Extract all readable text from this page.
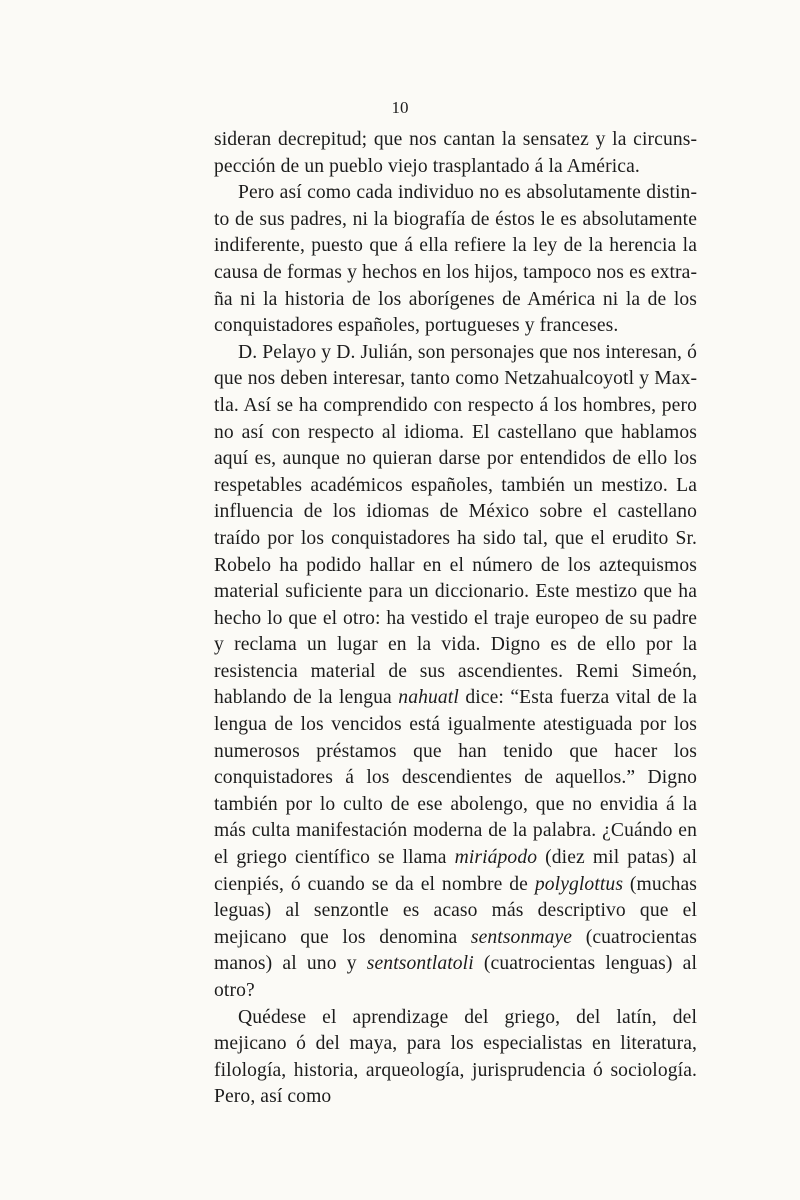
10

sideran decrepitud; que nos cantan la sensatez y la circunspección de un pueblo viejo trasplantado á la América.

Pero así como cada individuo no es absolutamente distinto de sus padres, ni la biografía de éstos le es absolutamente indiferente, puesto que á ella refiere la ley de la herencia la causa de formas y hechos en los hijos, tampoco nos es extraña ni la historia de los aborígenes de América ni la de los conquistadores españoles, portugueses y franceses.

D. Pelayo y D. Julián, son personajes que nos interesan, ó que nos deben interesar, tanto como Netzahualcoyotl y Maxtla. Así se ha comprendido con respecto á los hombres, pero no así con respecto al idioma. El castellano que hablamos aquí es, aunque no quieran darse por entendidos de ello los respetables académicos españoles, también un mestizo. La influencia de los idiomas de México sobre el castellano traído por los conquistadores ha sido tal, que el erudito Sr. Robelo ha podido hallar en el número de los aztequismos material suficiente para un diccionario. Este mestizo que ha hecho lo que el otro: ha vestido el traje europeo de su padre y reclama un lugar en la vida. Digno es de ello por la resistencia material de sus ascendientes. Remi Simeón, hablando de la lengua nahuatl dice: “Esta fuerza vital de la lengua de los vencidos está igualmente atestiguada por los numerosos préstamos que han tenido que hacer los conquistadores á los descendientes de aquellos.” Digno también por lo culto de ese abolengo, que no envidia á la más culta manifestación moderna de la palabra. ¿Cuándo en el griego científico se llama miriápodo (diez mil patas) al cienpiés, ó cuando se da el nombre de polyglottus (muchas leguas) al senzontle es acaso más descriptivo que el mejicano que los denomina sentsonmaye (cuatrocientas manos) al uno y sentsontlatoli (cuatrocientas lenguas) al otro?

Quédese el aprendizage del griego, del latín, del mejicano ó del maya, para los especialistas en literatura, filología, historia, arqueología, jurisprudencia ó sociología. Pero, así como
